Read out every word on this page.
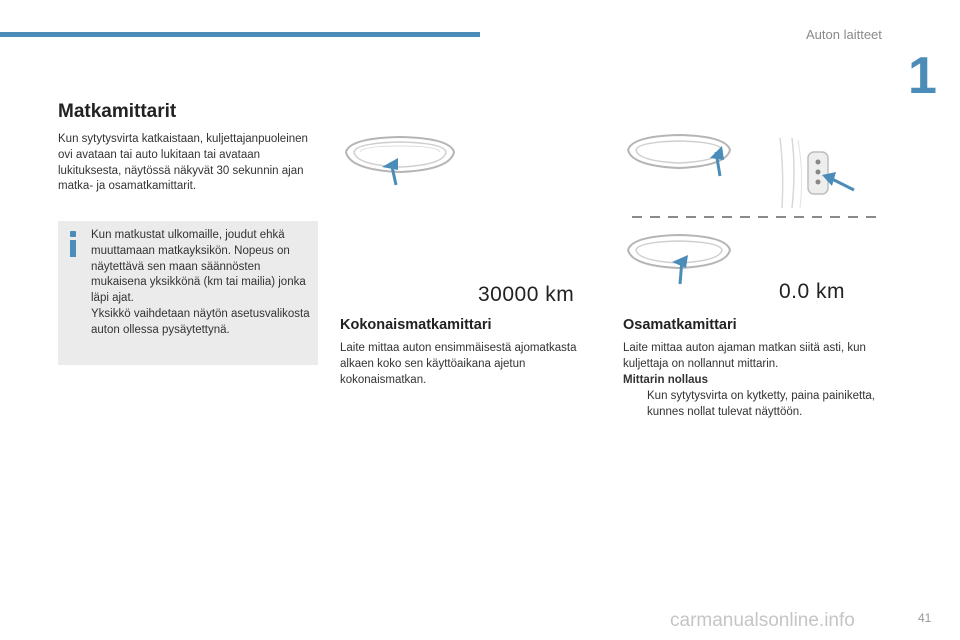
Auton laitteet
1
Matkamittarit
Kun sytytysvirta katkaistaan, kuljettajanpuoleinen ovi avataan tai auto lukitaan tai avataan lukituksesta, näytössä näkyvät 30 sekunnin ajan matka- ja osamatkamittarit.
Kun matkustat ulkomaille, joudut ehkä muuttamaan matkayksikön. Nopeus on näytettävä sen maan säännösten mukaisena yksikkönä (km tai mailia) jonka läpi ajat.
Yksikkö vaihdetaan näytön asetusvalikosta auton ollessa pysäytettynä.
30000 km	0.0 km
Kokonaismatkamittari
Laite mittaa auton ensimmäisestä ajomatkasta alkaen koko sen käyttöaikana ajetun kokonaismatkan.
Osamatkamittari
Laite mittaa auton ajaman matkan siitä asti, kun kuljettaja on nollannut mittarin.
Mittarin nollaus
Kun sytytysvirta on kytketty, paina painiketta, kunnes nollat tulevat näyttöön.
carmanualsonline.info	41
